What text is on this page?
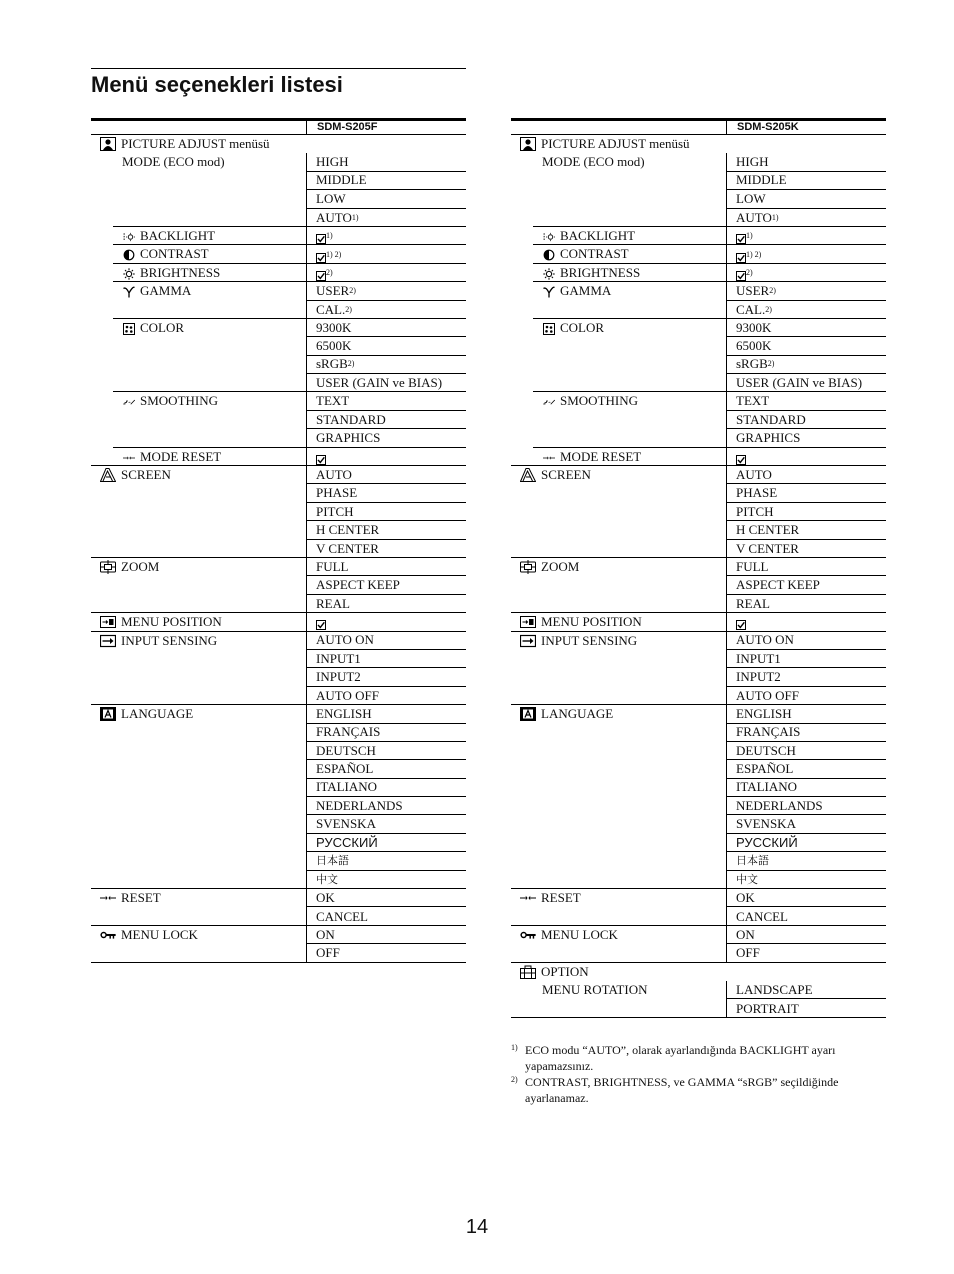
Menü seçenekleri listesi
SDM-S205F
PICTURE ADJUST menüsü
MODE (ECO mod)	HIGH
MIDDLE
LOW
AUTO 1)
BACKLIGHT	1)
CONTRAST	1) 2)
BRIGHTNESS	2)
GAMMA	USER 2)
CAL. 2)
COLOR	9300K
6500K
sRGB 2)
USER (GAIN ve BIAS)
SMOOTHING	TEXT
STANDARD
GRAPHICS
MODE RESET
SCREEN	AUTO
PHASE
PITCH
H CENTER
V CENTER
ZOOM	FULL
ASPECT KEEP
REAL
MENU POSITION
INPUT SENSING	AUTO ON
INPUT1
INPUT2
AUTO OFF
LANGUAGE	ENGLISH
FRANÇAIS
DEUTSCH
ESPAÑOL
ITALIANO
NEDERLANDS
SVENSKA
РУССКИЙ
日本語
中文
RESET	OK
CANCEL
MENU LOCK	ON
OFF
SDM-S205K
PICTURE ADJUST menüsü
MODE (ECO mod)	HIGH
MIDDLE
LOW
AUTO 1)
BACKLIGHT	1)
CONTRAST	1) 2)
BRIGHTNESS	2)
GAMMA	USER 2)
CAL. 2)
COLOR	9300K
6500K
sRGB 2)
USER (GAIN ve BIAS)
SMOOTHING	TEXT
STANDARD
GRAPHICS
MODE RESET
SCREEN	AUTO
PHASE
PITCH
H CENTER
V CENTER
ZOOM	FULL
ASPECT KEEP
REAL
MENU POSITION
INPUT SENSING	AUTO ON
INPUT1
INPUT2
AUTO OFF
LANGUAGE	ENGLISH
FRANÇAIS
DEUTSCH
ESPAÑOL
ITALIANO
NEDERLANDS
SVENSKA
РУССКИЙ
日本語
中文
RESET	OK
CANCEL
MENU LOCK	ON
OFF
OPTION
MENU ROTATION	LANDSCAPE
PORTRAIT
1) ECO modu “AUTO”, olarak ayarlandığında BACKLIGHT ayarı yapamazsınız.
2) CONTRAST, BRIGHTNESS, ve GAMMA “sRGB” seçildiğinde ayarlanamaz.
14
